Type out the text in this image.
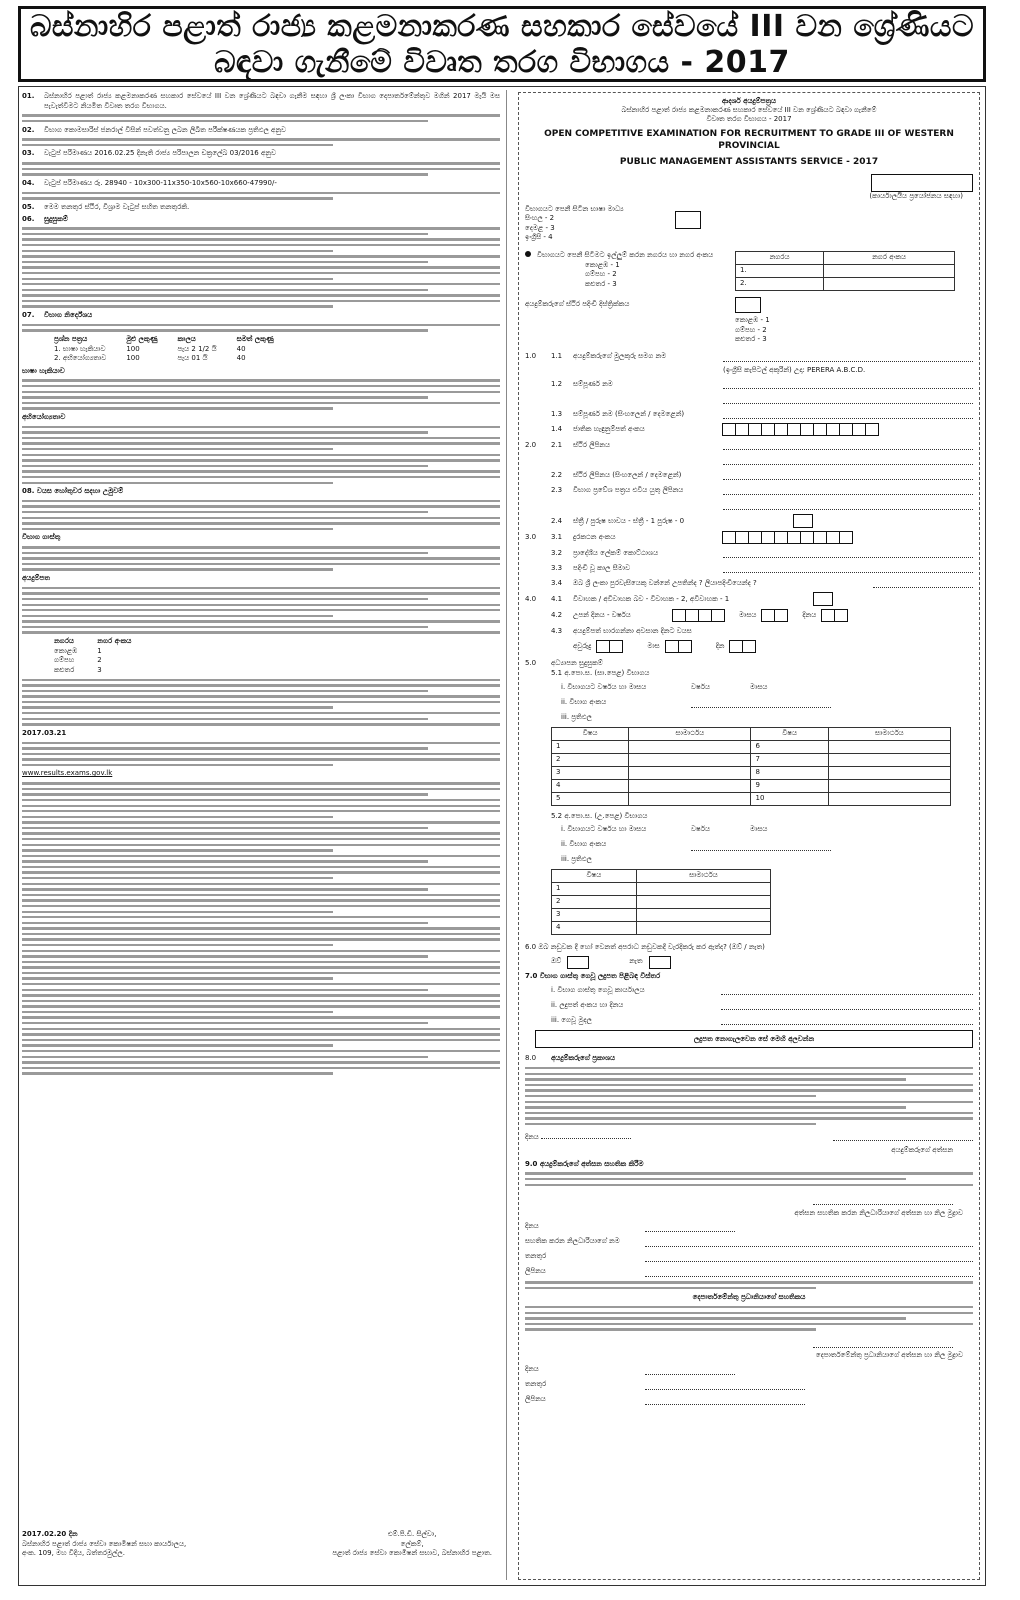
බස්නාහිර පළාත් රාජ්‍ය කළමනාකරණ සහකාර සේවයේ III වන ශ්‍රේණියට
බඳවා ගැනීමේ විවෘත තරග විභාගය - 2017
01.	බස්නාහිර පළාත් රාජ්‍ය කළමනාකරණ සහකාර සේවයේ III වන ශ්‍රේණියට බඳවා ගැනීම සඳහා ශ්‍රී ලංකා විභාග දෙපාර්තමේන්තුව මගින් 2017 මැයි මස පැවැත්වීමට නියමිත විවෘත තරග විභාගය.
02.	විභාග කොමසාරිස් ජනරාල් විසින් පවත්වනු ලබන ලිඛිත පරීක්ෂණයක ප්‍රතිඵල අනුව
03.	වැටුප් පරිමාණය 2016.02.25 දිනැති රාජ්‍ය පරිපාලන චක්‍රලේඛ 03/2016 අනුව
04.	වැටුප් පරිමාණය රු. 28940 - 10x300-11x350-10x560-10x660-47990/-
05.	මෙම තනතුර ස්ථිර, විශ්‍රාම වැටුප් සහිත තනතුරකි.
06.	සුදුසුකම්
07.	විභාග නිර්දේශය
ප්‍රශ්න පත්‍රය	මුළු ලකුණු	කාලය	සමත් ලකුණු
1. භාෂා හැකියාව	100	පැය 2 1/2 යි	40
2. අභියෝග්‍යතාව	100	පැය 01 යි	40
භාෂා හැකියාව
අභියෝග්‍යතාව
08. වයස හෝතුවර සදහා උමුවම්
විභාග ගාස්තු
අයදුම්පත
නගරය	නගර අංකය
කොළඹ	1
ගම්පහ	2
කළුතර	3
2017.03.21
www.results.exams.gov.lk
2017.02.20 දින
බස්නාහිර පළාත් රාජ්‍ය සේවා කොමිෂන් සභා කාර්යාලය,
අංක. 109, මහ විදිය, බත්තරමුල්ල.
එම්.පී.ඩී. සිල්වා,
ලේකම්,
පළාත් රාජ්‍ය සේවා කොමිෂන් සභාව, බස්නාහිර පළාත.
ආදර්ශ අයදුම්පත්‍රය
බස්නාහිර පළාත් රාජ්‍ය කළමනාකරණ සහකාර සේවයේ III වන ශ්‍රේණියට බඳවා ගැනීමේ
විවෘත තරග විභාගය - 2017
OPEN COMPETITIVE EXAMINATION FOR RECRUITMENT TO GRADE III OF WESTERN PROVINCIAL
PUBLIC MANAGEMENT ASSISTANTS SERVICE - 2017
(කාර්යාලයීය ප්‍රයෝජනය සඳහා)
විභාගයට පෙනී සිටින භාෂා මාධ්‍ය
සිංහල - 2
දෙමළ - 3
ඉංග්‍රීසි - 4
විභාගයට පෙනී සිටීමට ඉල්ලුම් කරන නගරය හා නගර අංකය
කොළඹ - 1
ගම්පහ - 2
කළුතර - 3
නගරය	නගර අංකය
1.	
2.	
අයදුම්කරුගේ ස්ථිර පදිංචි දිස්ත්‍රික්කය
කොළඹ - 1
ගම්පහ - 2
කළුතර - 3
1.0	1.1	අයදුම්කරුගේ මුලකුරු සමග නම
(ඉංග්‍රීසි කැපිටල් අකුරින්) උදා: PERERA A.B.C.D.
1.2	සම්පූර්ණ නම
1.3	සම්පූර්ණ නම (සිංහලෙන් / දෙමළෙන්)
1.4	ජාතික හැඳුනුම්පත් අංකය
2.0	2.1	ස්ථිර ලිපිනය
2.2	ස්ථිර ලිපිනය (සිංහලෙන් / දෙමළෙන්)
2.3	විභාග ප්‍රවේශ පත්‍රය එවිය යුතු ලිපිනය
2.4	ස්ත්‍රී / පුරුෂ භාවය - ස්ත්‍රී - 1 පුරුෂ - 0
3.0	3.1	දුරකථන අංකය
3.2	ප්‍රාදේශීය ලේකම් කොට්ඨාශය
3.3	පදිංචි වූ කාල සීමාව
3.4	ඔබ ශ්‍රී ලංකා පුරවැසියෙකු වන්නේ උපතින්ද ? ලියාපදිංචියෙන්ද ?
4.0	4.1	විවාහක / අවිවාහක බව - විවාහක - 2, අවිවාහක - 1
4.2	උපන් දිනය - වර්ෂය	මාසය	දිනය
4.3	අයදුම්පත් භාරගන්නා අවසාන දිනට වයස
අවුරුදු	මාස	දින
5.0 අධ්‍යාපන සුදුසුකම්
5.1 අ.පො.ස. (සා.පෙළ) විභාගය
i. විභාගයට වර්ෂය හා මාසය	වර්ෂය	මාසය
ii. විභාග අංකය
iii. ප්‍රතිඵල
විෂය	සාමාර්ථය	විෂය	සාමාර්ථය
1		6	
2		7	
3		8	
4		9	
5		10	
5.2 අ.පො.ස. (උ.පෙළ) විභාගය
i. විභාගයට වර්ෂය හා මාසය	වර්ෂය	මාසය
ii. විභාග අංකය
iii. ප්‍රතිඵල
විෂය	සාමාර්ථය
1	
2	
3	
4	
6.0 ඔබ නඩුවක දී හෝ වෙනත් අපරාධ නඩුවකදී වැරදිකරු කර ඇත්ද? (ඔව් / නැත)
ඔව්	නැත
7.0 විභාග ගාස්තු ගෙවූ ලදුපත පිළිබඳ විස්තර
i. විභාග ගාස්තු ගෙවූ කාර්යාලය
ii. ලදුපත් අංකය හා දිනය
iii. ගෙවූ මුදල
ලදුපත නොගැලවෙන සේ මෙහි අලවන්න
8.0 අයදුම්කරුගේ ප්‍රකාශය
දිනය
අයදුම්කරුගේ අත්සන
9.0 අයදුම්කරුගේ අත්සන සහතික කිරීම
අත්සන සහතික කරන නිලධාරියාගේ අත්සන හා නිල මුද්‍රාව
දිනය
සහතික කරන නිලධාරියාගේ නම
තනතුර
ලිපිනය
දෙපාර්තමේන්තු ප්‍රධානියාගේ සහතිකය
දෙපාර්තමේන්තු ප්‍රධානියාගේ අත්සන හා නිල මුද්‍රාව
දිනය
තනතුර
ලිපිනය
